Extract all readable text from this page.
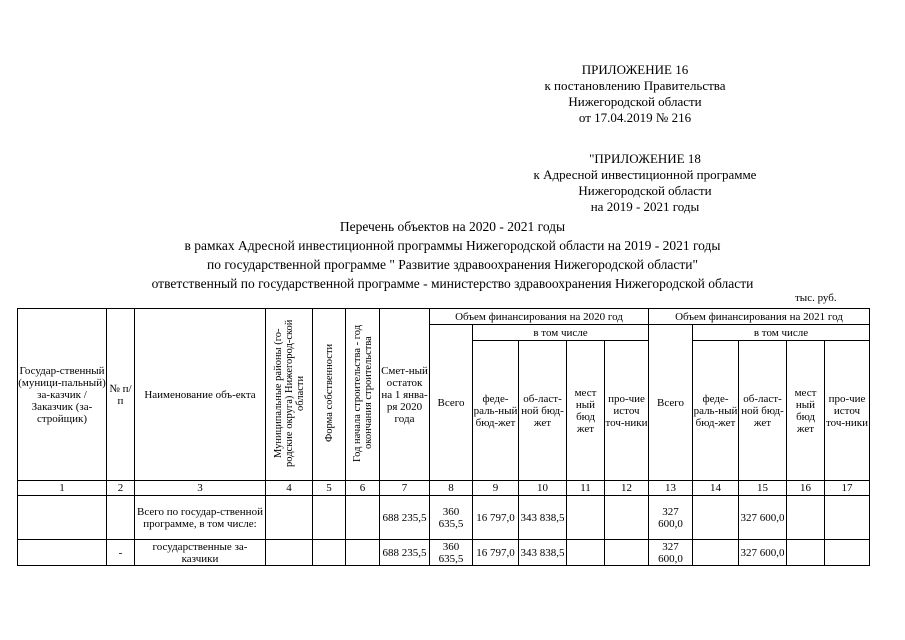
ПРИЛОЖЕНИЕ 16
к постановлению Правительства
Нижегородской области
от 17.04.2019 № 216
"ПРИЛОЖЕНИЕ 18
к Адресной инвестиционной программе
Нижегородской области
на 2019 - 2021 годы
Перечень объектов на 2020 - 2021 годы
в рамках Адресной инвестиционной программы Нижегородской области на 2019 - 2021 годы
по государственной программе " Развитие здравоохранения Нижегородской области"
ответственный по государственной программе - министерство здравоохранения Нижегородской области
тыс. руб.
Государ-ственный (муници-пальный) за-казчик / Заказчик (за-стройщик)	№ п/п	Наименование объ-екта	Муниципальные районы (го-родские округа) Нижегород-ской области	Форма собственности	Год начала строительства - год окончания строительства	Смет-ный остаток на 1 янва-ря 2020 года	Объем финансирования на 2020 год					Объем финансирования на 2021 год				
							Всего	в том числе				Всего	в том числе			
								феде-раль-ный бюд-жет	об-ласт-ной бюд-жет	мест ный бюд жет	про-чие источ точ-ники		феде-раль-ный бюд-жет	об-ласт-ной бюд-жет	мест ный бюд жет	про-чие источ точ-ники
1	2	3	4	5	6	7	8	9	10	11	12	13	14	15	16	17
		Всего по государ-ственной программе, в том числе:				688 235,5	360 635,5	16 797,0	343 838,5			327 600,0		327 600,0		
	-	государственные за-казчики				688 235,5	360 635,5	16 797,0	343 838,5			327 600,0		327 600,0		
